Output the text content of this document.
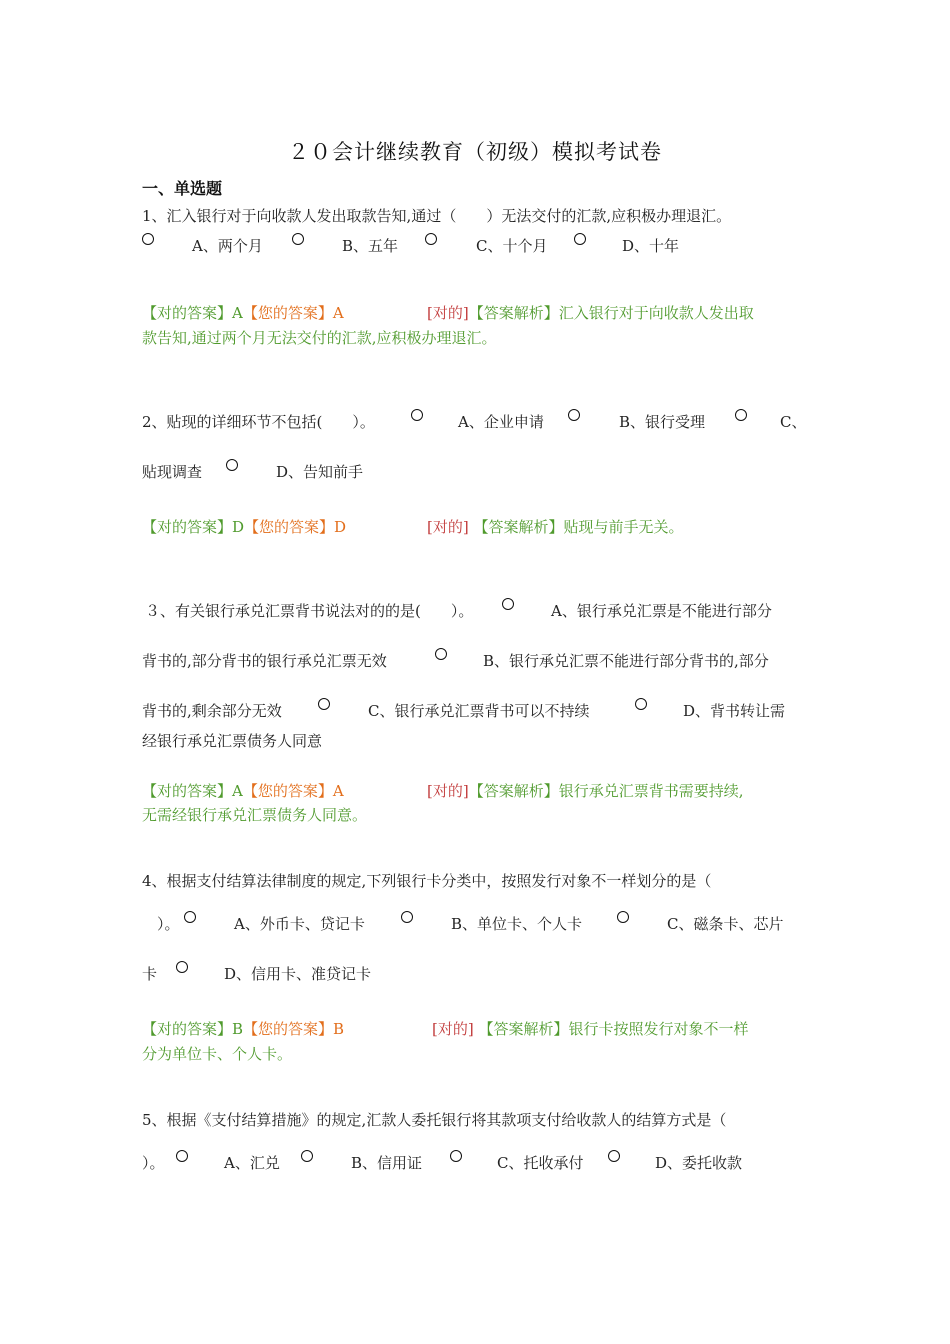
２０会计继续教育（初级）模拟考试卷
一、单选题
1、汇入银行对于向收款人发出取款告知,通过（　　）无法交付的汇款,应积极办理退汇。
A、两个月	B、五年	C、十个月	D、十年
【对的答案】A【您的答案】A	[对的]【答案解析】汇入银行对于向收款人发出取
款告知,通过两个月无法交付的汇款,应积极办理退汇。
2、贴现的详细环节不包括(　　）。	A、企业申请	B、银行受理	C、
贴现调查	D、告知前手
【对的答案】D【您的答案】D	[对的] 【答案解析】贴现与前手无关。
３、有关银行承兑汇票背书说法对的的是(　　）。	A、银行承兑汇票是不能进行部分
背书的,部分背书的银行承兑汇票无效	B、银行承兑汇票不能进行部分背书的,部分
背书的,剩余部分无效	C、银行承兑汇票背书可以不持续	D、背书转让需
经银行承兑汇票债务人同意
【对的答案】A【您的答案】A	[对的]【答案解析】银行承兑汇票背书需要持续,
无需经银行承兑汇票债务人同意。
4、根据支付结算法律制度的规定,下列银行卡分类中，按照发行对象不一样划分的是（
　）。	A、外币卡、贷记卡	B、单位卡、个人卡	C、磁条卡、芯片
卡	D、信用卡、准贷记卡
【对的答案】B【您的答案】B	[对的] 【答案解析】银行卡按照发行对象不一样
分为单位卡、个人卡。
5、根据《支付结算措施》的规定,汇款人委托银行将其款项支付给收款人的结算方式是（
）。	A、汇兑	B、信用证	C、托收承付	D、委托收款
